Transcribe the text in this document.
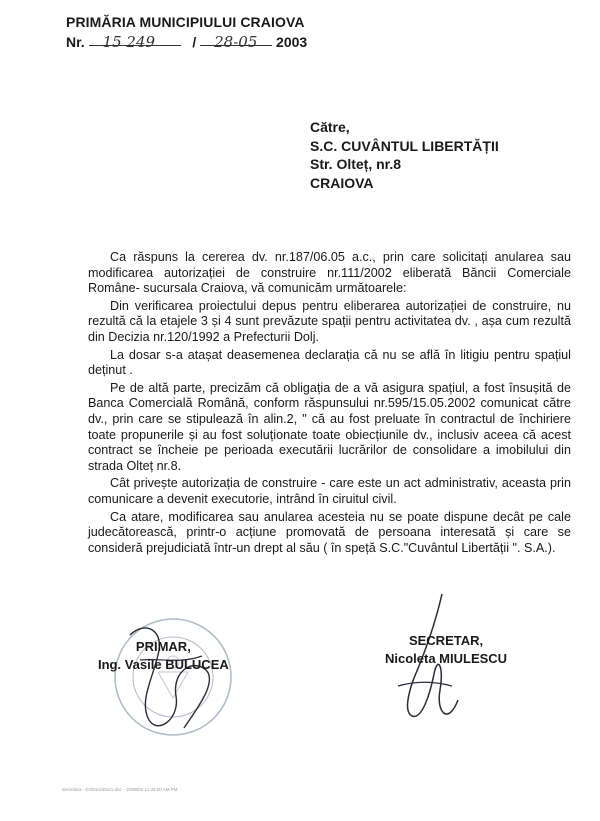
PRIMĂRIA MUNICIPIULUI CRAIOVA
Nr. 15 249	/ 28-05 2003
Către,
S.C. CUVÂNTUL LIBERTĂȚII
Str. Olteț, nr.8
CRAIOVA

Ca răspuns la cererea dv. nr.187/06.05 a.c., prin care solicitați anularea sau modificarea autorizației de construire nr.111/2002 eliberată Băncii Comerciale Române- sucursala Craiova, vă comunicăm următoarele:

Din verificarea proiectului depus pentru eliberarea autorizației de construire, nu rezultă că la etajele 3 și 4 sunt prevăzute spații pentru activitatea dv. , așa cum rezultă din Decizia nr.120/1992 a Prefecturii Dolj.

La dosar s-a atașat deasemenea declarația că nu se află în litigiu pentru spațiul deținut .

Pe de altă parte, precizăm că obligația de a vă asigura spațiul, a fost însușită de Banca Comercială Română, conform răspunsului nr.595/15.05.2002 comunicat către dv., prin care se stipulează în alin.2, " că au fost preluate în contractul de închiriere toate propunerile și au fost soluționate toate obiecțiunile dv., inclusiv aceea că acest contract se încheie pe perioada executării lucrărilor de consolidare a imobilului din strada Olteț nr.8.

Cât privește autorizația de construire - care este un act administrativ, aceasta prin comunicare a devenit executorie, intrând în ciruitul civil.

Ca atare, modificarea sau anularea acesteia nu se poate dispune decât pe cale judecătorească, printr-o acțiune promovată de persoana interesată și care se consideră prejudiciată într-un drept al său ( în speță S.C."Cuvântul Libertății ". S.A.).

PRIMAR,
Ing. Vasile BULUCEA
SECRETAR,
Nicoleta MIULESCU
Secretara - D:\Docs\Doc1.doc - 10/06/03 11:34:00 AM PM
